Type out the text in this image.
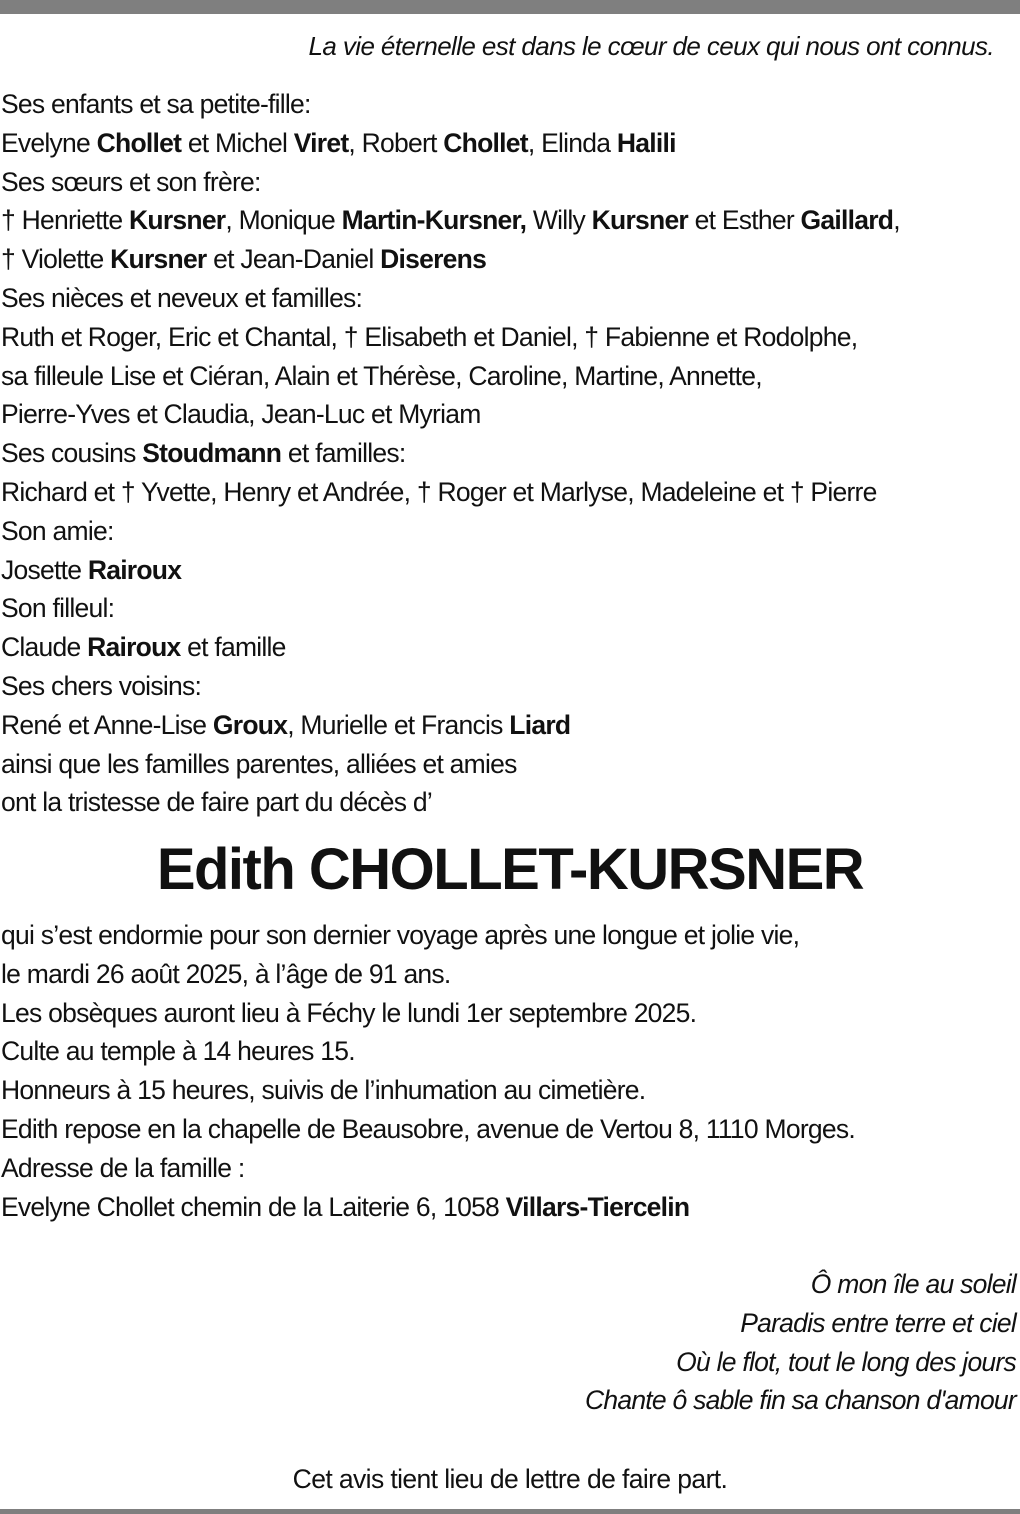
La vie éternelle est dans le cœur de ceux qui nous ont connus.
Ses enfants et sa petite-fille:
Evelyne Chollet et Michel Viret, Robert Chollet, Elinda Halili
Ses sœurs et son frère:
† Henriette Kursner, Monique Martin-Kursner, Willy Kursner et Esther Gaillard,
† Violette Kursner et Jean-Daniel Diserens
Ses nièces et neveux et familles:
Ruth et Roger, Eric et Chantal, † Elisabeth et Daniel, † Fabienne et Rodolphe,
sa filleule Lise et Ciéran, Alain et Thérèse, Caroline, Martine, Annette,
Pierre-Yves et Claudia, Jean-Luc et Myriam
Ses cousins Stoudmann et familles:
Richard et † Yvette, Henry et Andrée, † Roger et Marlyse, Madeleine et † Pierre
Son amie:
Josette Rairoux
Son filleul:
Claude Rairoux et famille
Ses chers voisins:
René et Anne-Lise Groux, Murielle et Francis Liard
ainsi que les familles parentes, alliées et amies
ont la tristesse de faire part du décès d’
Edith CHOLLET-KURSNER
qui s’est endormie pour son dernier voyage après une longue et jolie vie,
le mardi 26 août 2025, à l’âge de 91 ans.
Les obsèques auront lieu à Féchy le lundi 1er septembre 2025.
Culte au temple à 14 heures 15.
Honneurs à 15 heures, suivis de l’inhumation au cimetière.
Edith repose en la chapelle de Beausobre, avenue de Vertou 8, 1110 Morges.
Adresse de la famille :
Evelyne Chollet chemin de la Laiterie 6, 1058 Villars-Tiercelin
Ô mon île au soleil
Paradis entre terre et ciel
Où le flot, tout le long des jours
Chante ô sable fin sa chanson d'amour
Cet avis tient lieu de lettre de faire part.
